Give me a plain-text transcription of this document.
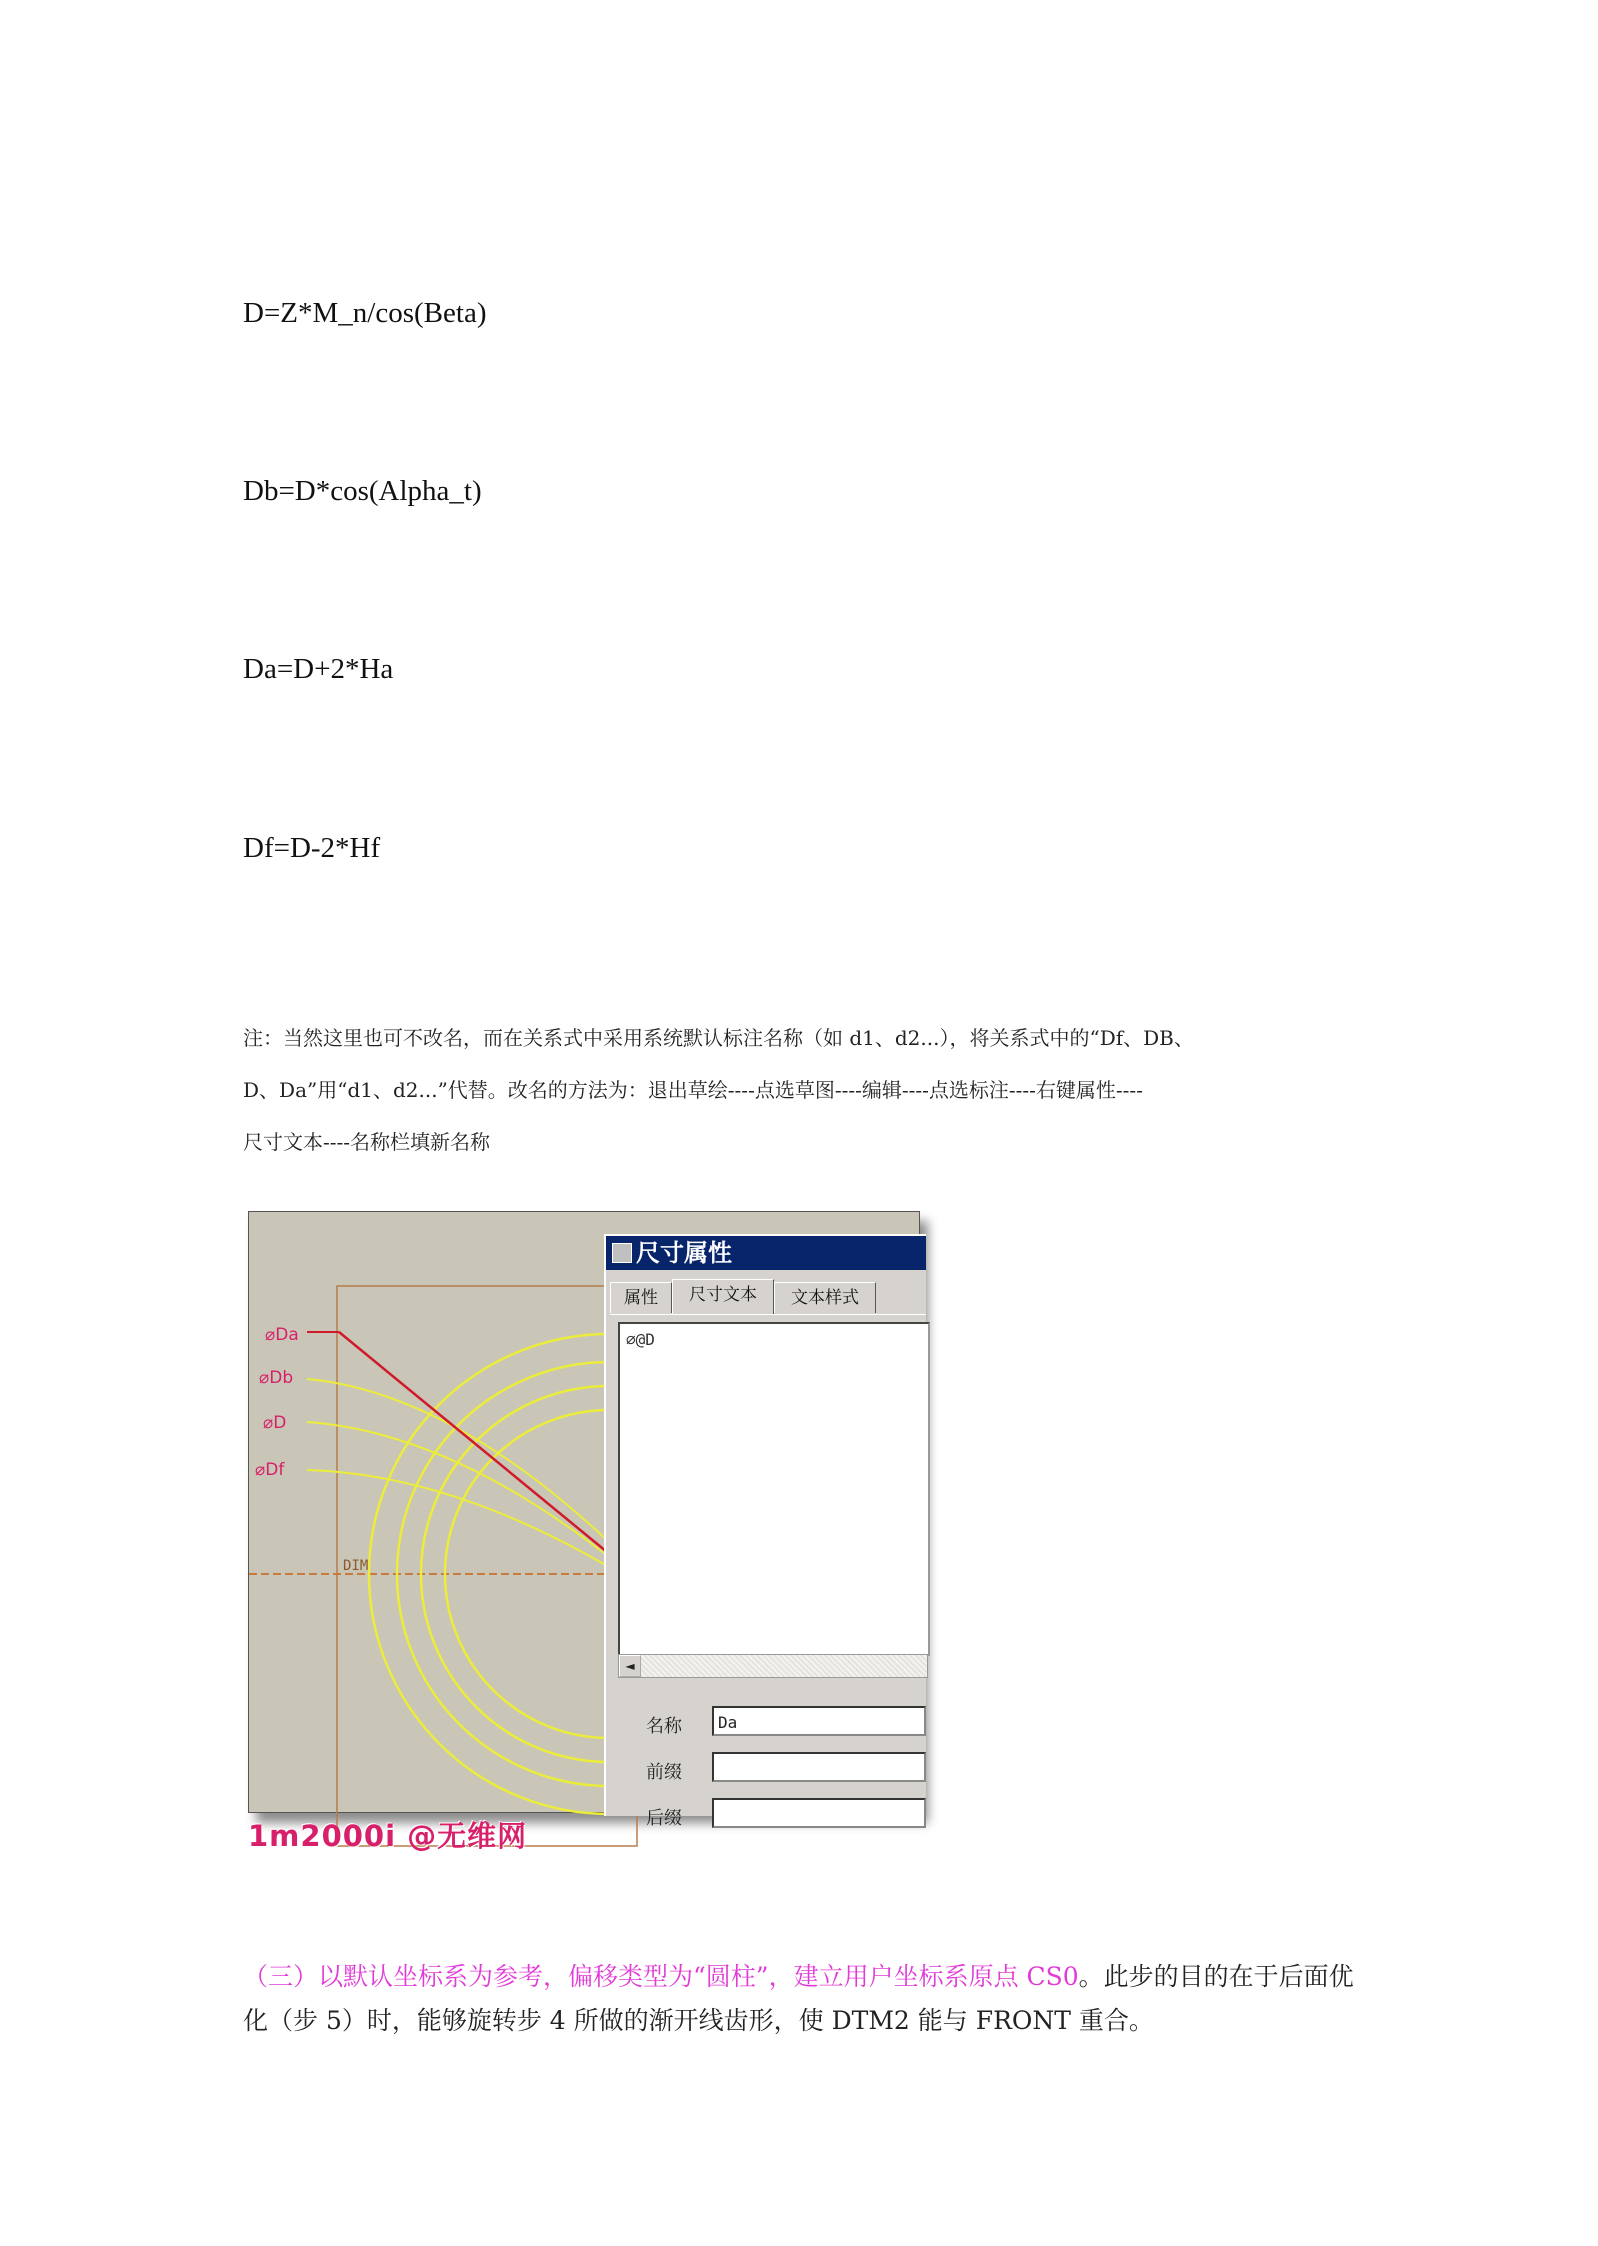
D=Z*M_n/cos(Beta)
Db=D*cos(Alpha_t)
Da=D+2*Ha
Df=D-2*Hf

注：当然这里也可不改名，而在关系式中采用系统默认标注名称（如 d1、d2...），将关系式中的“Df、DB、

D、Da”用“d1、d2...”代替。改名的方法为：退出草绘----点选草图----编辑----点选标注----右键属性----

尺寸文本----名称栏填新名称

⌀Da
⌀Db
⌀D
⌀Df
DIM
尺寸属性
属性	尺寸文本	文本样式
⌀@D
◄
名称	Da
前缀
后缀
1m2000i @无维网
（三）以默认坐标系为参考，偏移类型为“圆柱”，建立用户坐标系原点 CS0。此步的目的在于后面优化（步 5）时，能够旋转步 4 所做的渐开线齿形，使 DTM2 能与 FRONT 重合。
